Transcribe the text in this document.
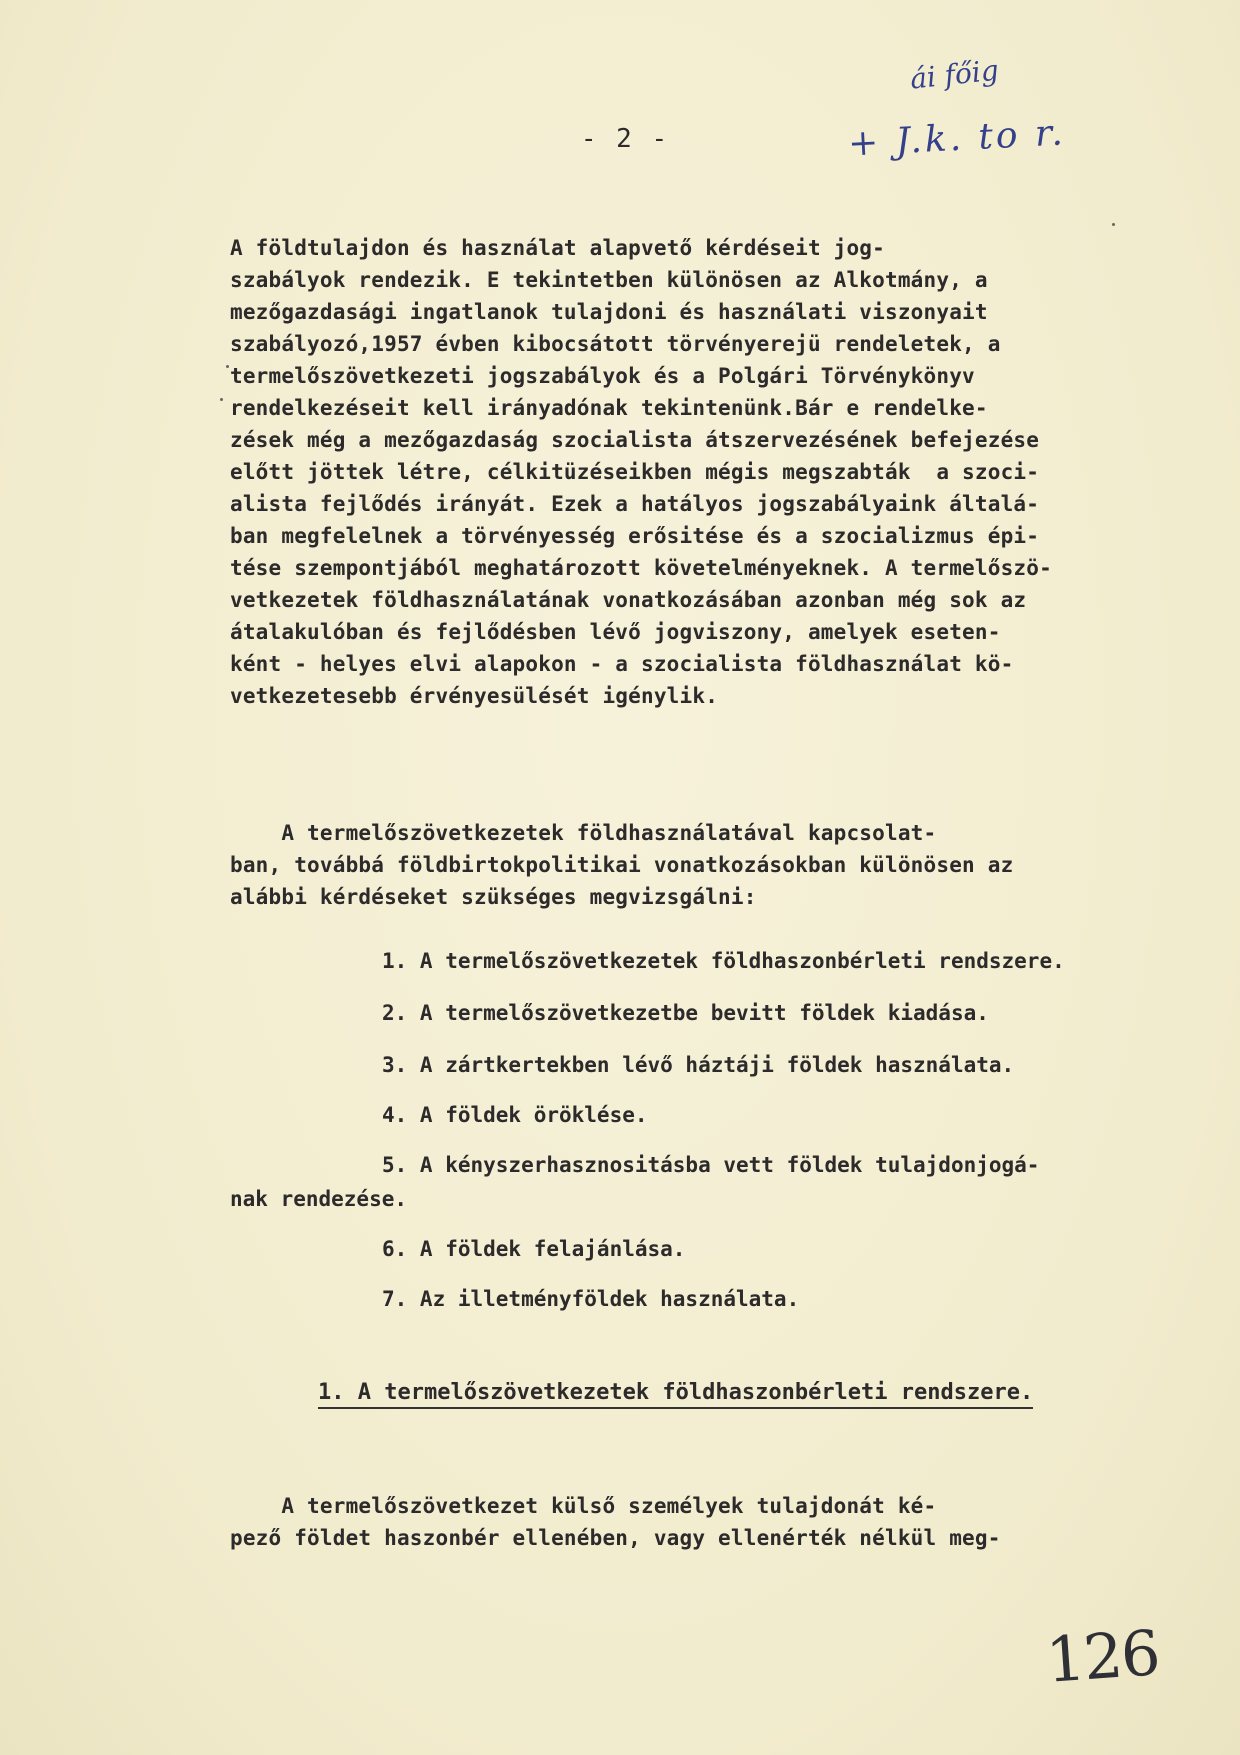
- 2 -
ái főig
+ J.k. to r.
A földtulajdon és használat alapvető kérdéseit jog-
szabályok rendezik. E tekintetben különösen az Alkotmány, a
mezőgazdasági ingatlanok tulajdoni és használati viszonyait
szabályozó,1957 évben kibocsátott törvényerejü rendeletek, a
termelőszövetkezeti jogszabályok és a Polgári Törvénykönyv
rendelkezéseit kell irányadónak tekintenünk.Bár e rendelke-
zések még a mezőgazdaság szocialista átszervezésének befejezése
előtt jöttek létre, célkitüzéseikben mégis megszabták  a szoci-
alista fejlődés irányát. Ezek a hatályos jogszabályaink általá-
ban megfelelnek a törvényesség erősitése és a szocializmus épi-
tése szempontjából meghatározott követelményeknek. A termelőszö-
vetkezetek földhasználatának vonatkozásában azonban még sok az
átalakulóban és fejlődésben lévő jogviszony, amelyek eseten-
ként - helyes elvi alapokon - a szocialista földhasználat kö-
vetkezetesebb érvényesülését igénylik.
A termelőszövetkezetek földhasználatával kapcsolat-
ban, továbbá földbirtokpolitikai vonatkozásokban különösen az
alábbi kérdéseket szükséges megvizsgálni:
1. A termelőszövetkezetek földhaszonbérleti rendszere.
2. A termelőszövetkezetbe bevitt földek kiadása.
3. A zártkertekben lévő háztáji földek használata.
4. A földek öröklése.
5. A kényszerhasznositásba vett földek tulajdonjogá-
nak rendezése.
6. A földek felajánlása.
7. Az illetményföldek használata.
1. A termelőszövetkezetek földhaszonbérleti rendszere.
A termelőszövetkezet külső személyek tulajdonát ké-
pező földet haszonbér ellenében, vagy ellenérték nélkül meg-
126
